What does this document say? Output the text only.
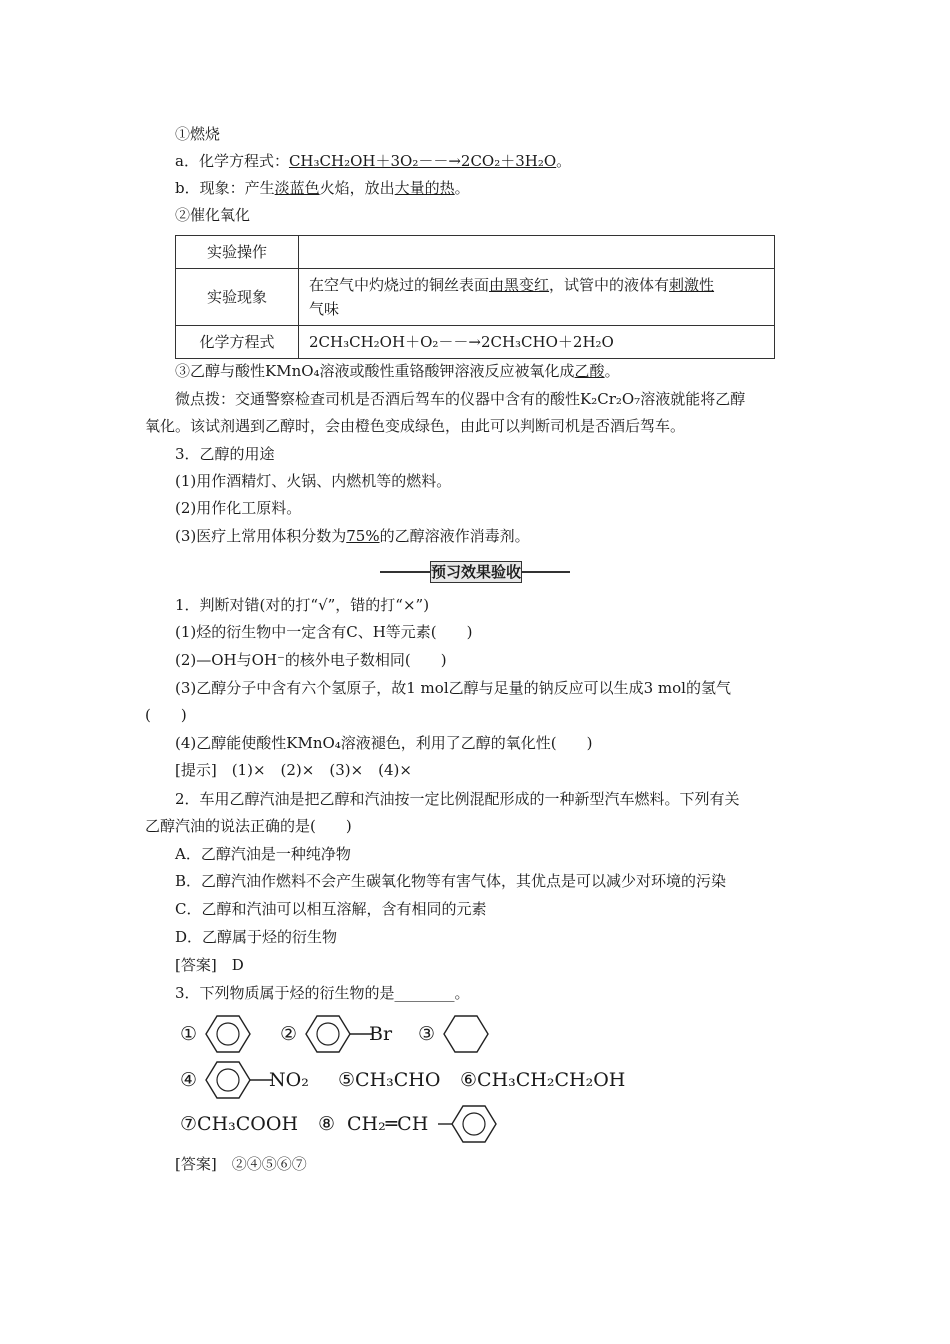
①燃烧
a．化学方程式：CH₃CH₂OH＋3O₂－－→2CO₂＋3H₂O。
b．现象：产生淡蓝色火焰，放出大量的热。
②催化氧化
实验操作	
实验现象	在空气中灼烧过的铜丝表面由黑变红，试管中的液体有刺激性
气味
化学方程式	2CH₃CH₂OH＋O₂－－→2CH₃CHO＋2H₂O
③乙醇与酸性KMnO₄溶液或酸性重铬酸钾溶液反应被氧化成乙酸。
微点拨：交通警察检查司机是否酒后驾车的仪器中含有的酸性K₂Cr₂O₇溶液就能将乙醇
氧化。该试剂遇到乙醇时，会由橙色变成绿色，由此可以判断司机是否酒后驾车。
3．乙醇的用途
(1)用作酒精灯、火锅、内燃机等的燃料。
(2)用作化工原料。
(3)医疗上常用体积分数为75%的乙醇溶液作消毒剂。
预习效果验收
1．判断对错(对的打“√”，错的打“×”)
(1)烃的衍生物中一定含有C、H等元素(　　)
(2)—OH与OH⁻的核外电子数相同(　　)
(3)乙醇分子中含有六个氢原子，故1 mol乙醇与足量的钠反应可以生成3 mol的氢气
(　　)
(4)乙醇能使酸性KMnO₄溶液褪色，利用了乙醇的氧化性(　　)
[提示]　(1)×　(2)×　(3)×　(4)×
2．车用乙醇汽油是把乙醇和汽油按一定比例混配形成的一种新型汽车燃料。下列有关
乙醇汽油的说法正确的是(　　)
A．乙醇汽油是一种纯净物
B．乙醇汽油作燃料不会产生碳氧化物等有害气体，其优点是可以减少对环境的污染
C．乙醇和汽油可以相互溶解，含有相同的元素
D．乙醇属于烃的衍生物
[答案]　D
3．下列物质属于烃的衍生物的是________。
①	②	Br ③
④	NO₂ ⑤CH₃CHO ⑥CH₃CH₂CH₂OH
⑦CH₃COOH ⑧ CH₂═CH
[答案]　②④⑤⑥⑦
